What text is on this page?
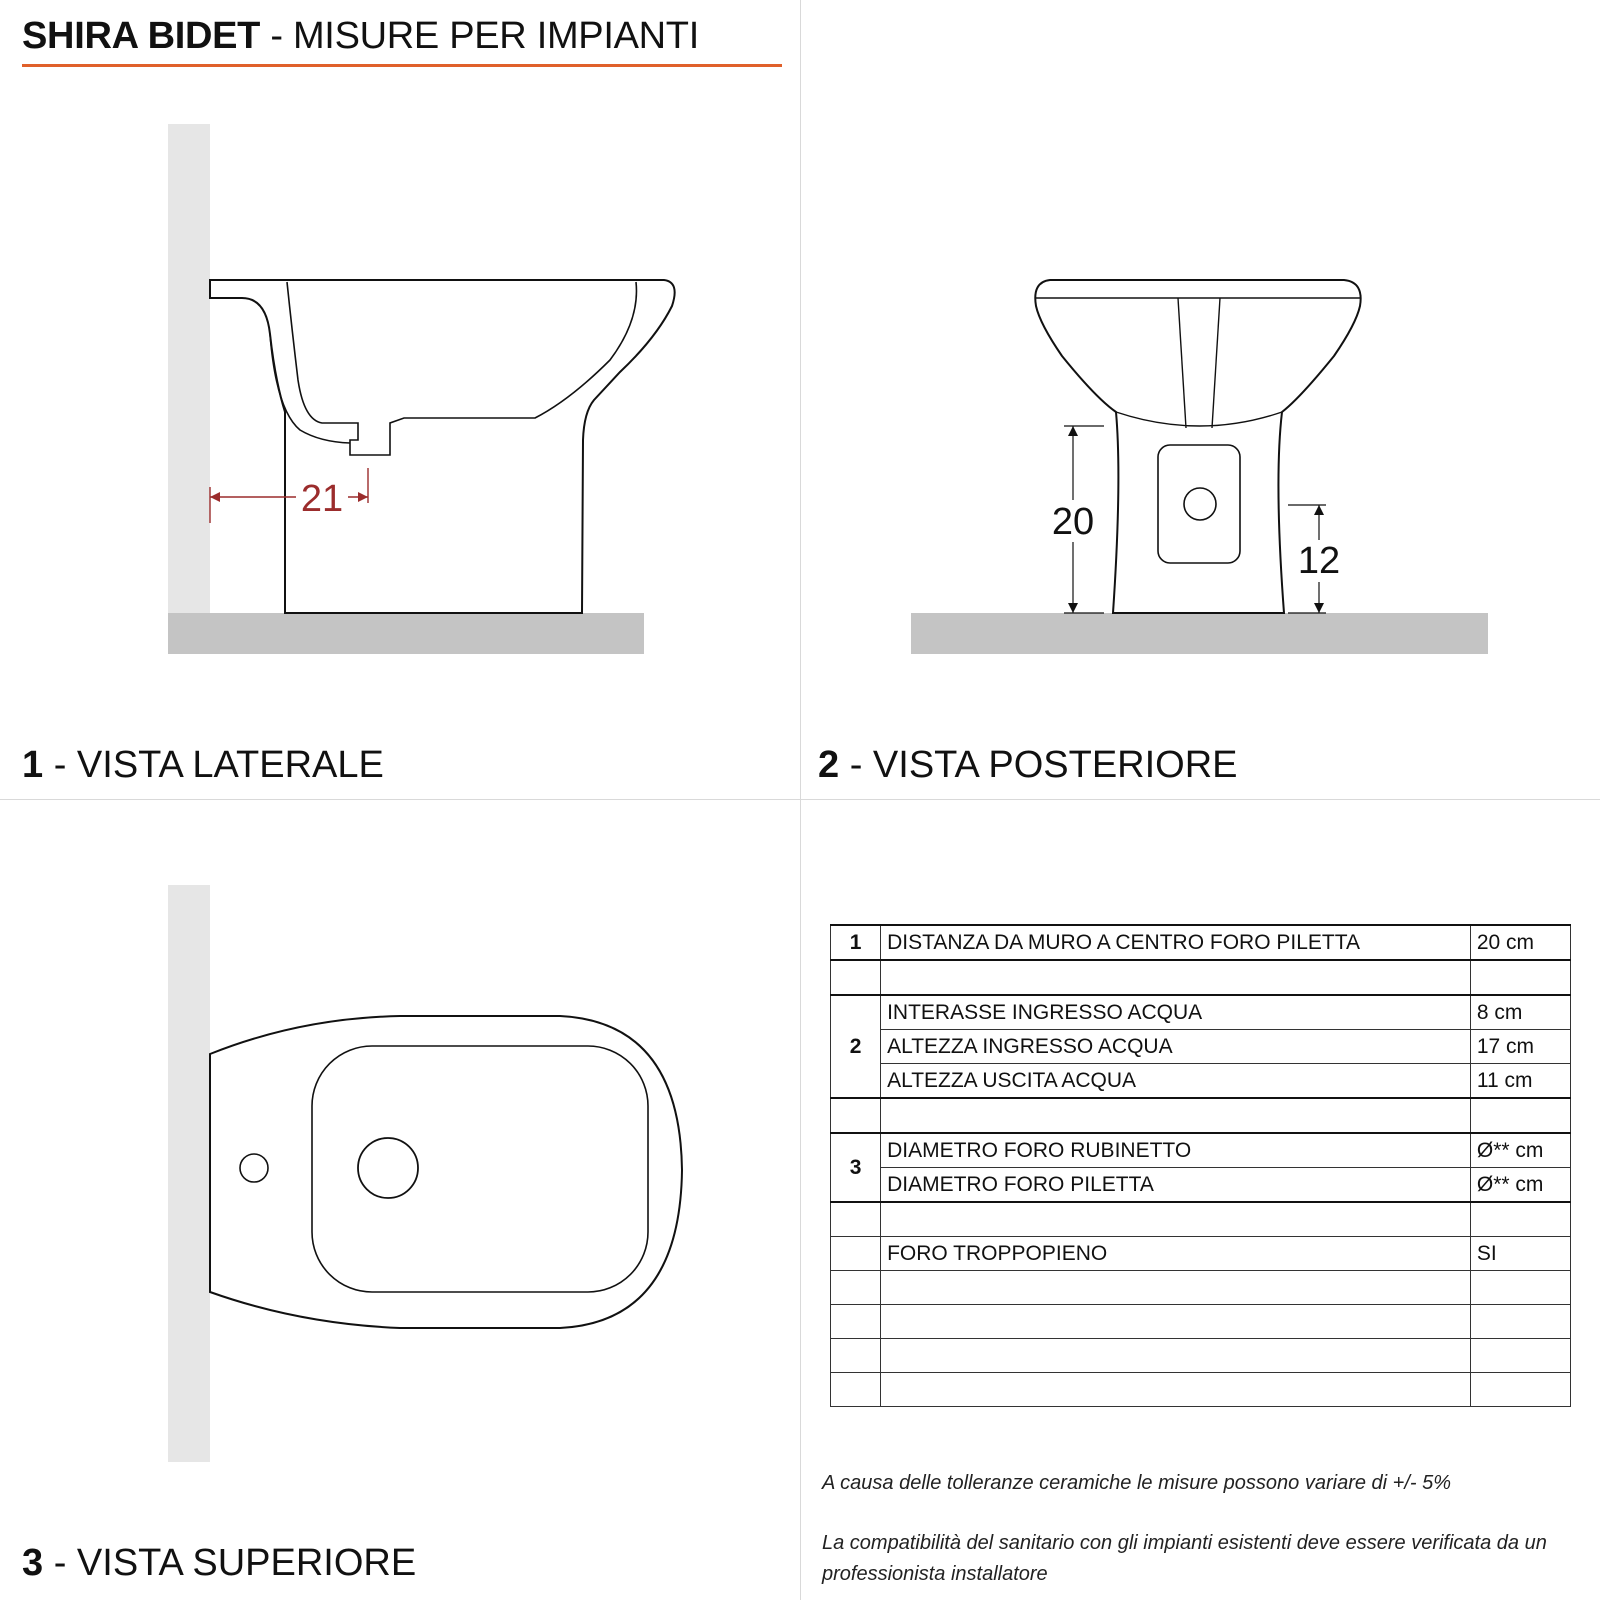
SHIRA BIDET - MISURE PER IMPIANTI
21
20
12
1 - VISTA LATERALE	2 - VISTA POSTERIORE
3 - VISTA SUPERIORE
1	DISTANZA DA MURO A CENTRO FORO PILETTA	20 cm

2	INTERASSE INGRESSO ACQUA	8 cm
	ALTEZZA INGRESSO ACQUA	17 cm
	ALTEZZA USCITA ACQUA	11 cm

3	DIAMETRO FORO RUBINETTO	Ø** cm
	DIAMETRO FORO PILETTA	Ø** cm

	FORO TROPPOPIENO	SI

A causa delle tolleranze ceramiche le misure possono variare di +/- 5%
La compatibilità del sanitario con gli impianti esistenti deve essere verificata da un professionista installatore
